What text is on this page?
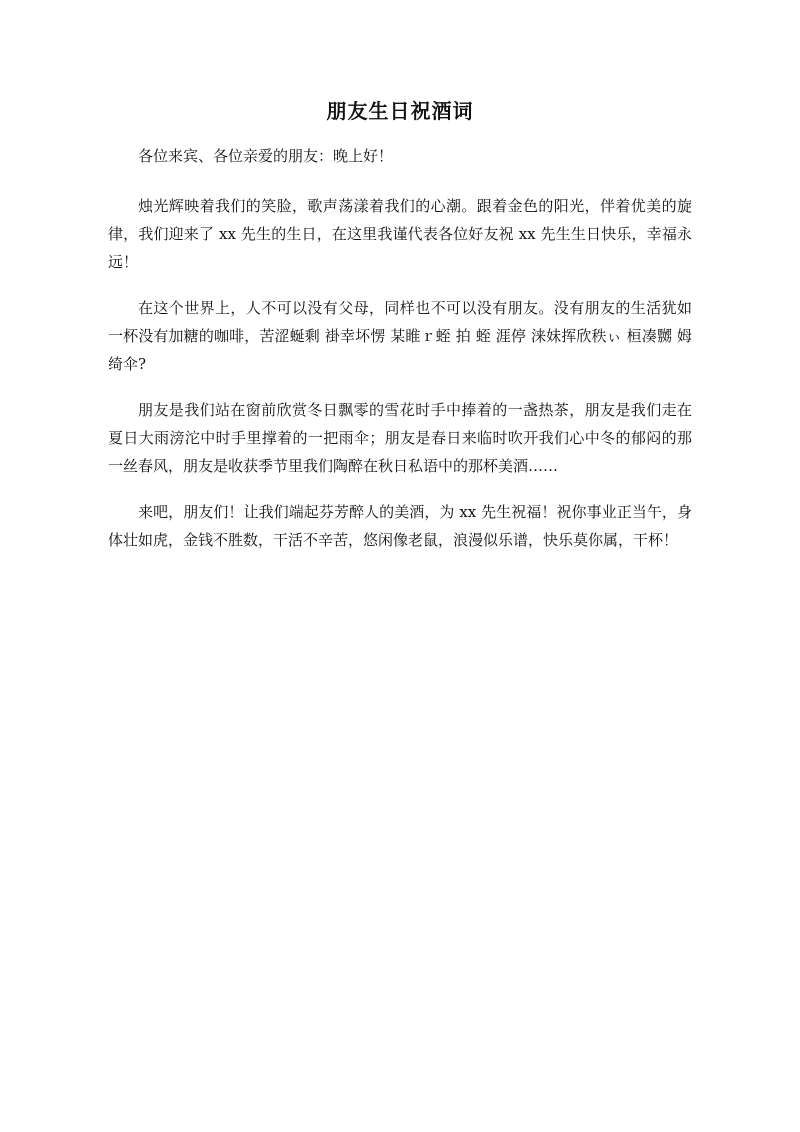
朋友生日祝酒词

各位来宾、各位亲爱的朋友：晚上好！

烛光辉映着我们的笑脸，歌声荡漾着我们的心潮。跟着金色的阳光，伴着优美的旋律，我们迎来了 xx 先生的生日，在这里我谨代表各位好友祝 xx 先生生日快乐，幸福永远！

在这个世界上，人不可以没有父母，同样也不可以没有朋友。没有朋友的生活犹如一杯没有加糖的咖啡，苦涩蜒剩 褂幸坏愣 某睢ｒ蛭 拍 蛭 涯停 涞妹挥欣秩ぃ 桓凑嬲 姆绮伞?

朋友是我们站在窗前欣赏冬日飘零的雪花时手中捧着的一盏热茶，朋友是我们走在夏日大雨滂沱中时手里撑着的一把雨伞；朋友是春日来临时吹开我们心中冬的郁闷的那一丝春风，朋友是收获季节里我们陶醉在秋日私语中的那杯美酒……

来吧，朋友们！让我们端起芬芳醉人的美酒，为 xx 先生祝福！祝你事业正当午，身体壮如虎，金钱不胜数，干活不辛苦，悠闲像老鼠，浪漫似乐谱，快乐莫你属，干杯！
